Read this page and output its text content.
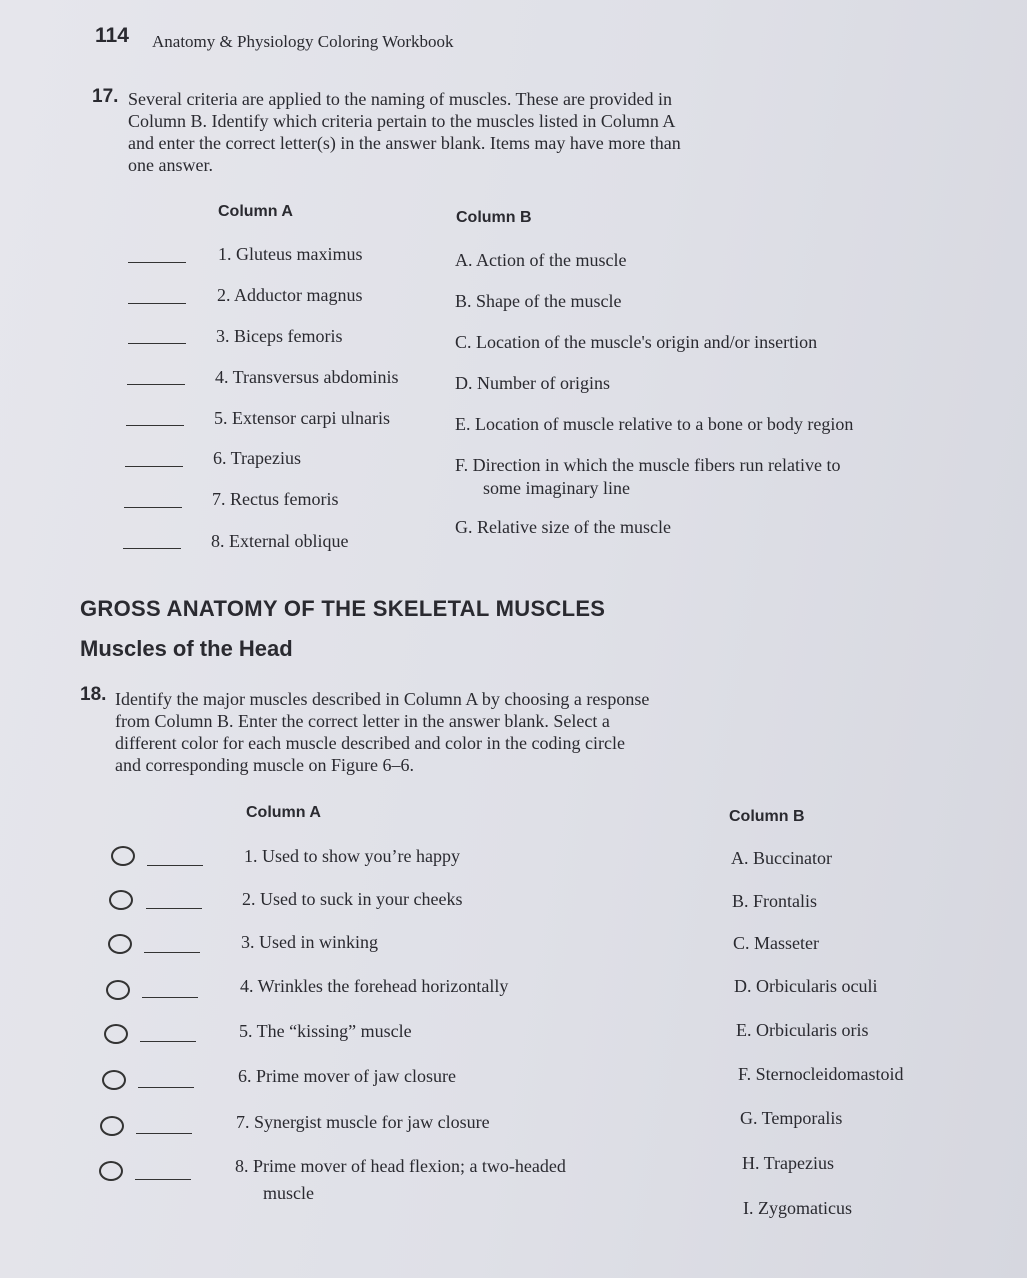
114 Anatomy & Physiology Coloring Workbook
17. Several criteria are applied to the naming of muscles. These are provided in
Column B. Identify which criteria pertain to the muscles listed in Column A
and enter the correct letter(s) in the answer blank. Items may have more than
one answer.
Column A	Column B
1. Gluteus maximus
2. Adductor magnus
3. Biceps femoris
4. Transversus abdominis
5. Extensor carpi ulnaris
6. Trapezius
7. Rectus femoris
8. External oblique
A. Action of the muscle
B. Shape of the muscle
C. Location of the muscle's origin and/or insertion
D. Number of origins
E. Location of muscle relative to a bone or body region
F. Direction in which the muscle fibers run relative to
some imaginary line
G. Relative size of the muscle
GROSS ANATOMY OF THE SKELETAL MUSCLES
Muscles of the Head
18. Identify the major muscles described in Column A by choosing a response
from Column B. Enter the correct letter in the answer blank. Select a
different color for each muscle described and color in the coding circle
and corresponding muscle on Figure 6–6.
Column A	Column B
1. Used to show you’re happy
2. Used to suck in your cheeks
3. Used in winking
4. Wrinkles the forehead horizontally
5. The “kissing” muscle
6. Prime mover of jaw closure
7. Synergist muscle for jaw closure
8. Prime mover of head flexion; a two-headed
muscle
A. Buccinator
B. Frontalis
C. Masseter
D. Orbicularis oculi
E. Orbicularis oris
F. Sternocleidomastoid
G. Temporalis
H. Trapezius
I. Zygomaticus
